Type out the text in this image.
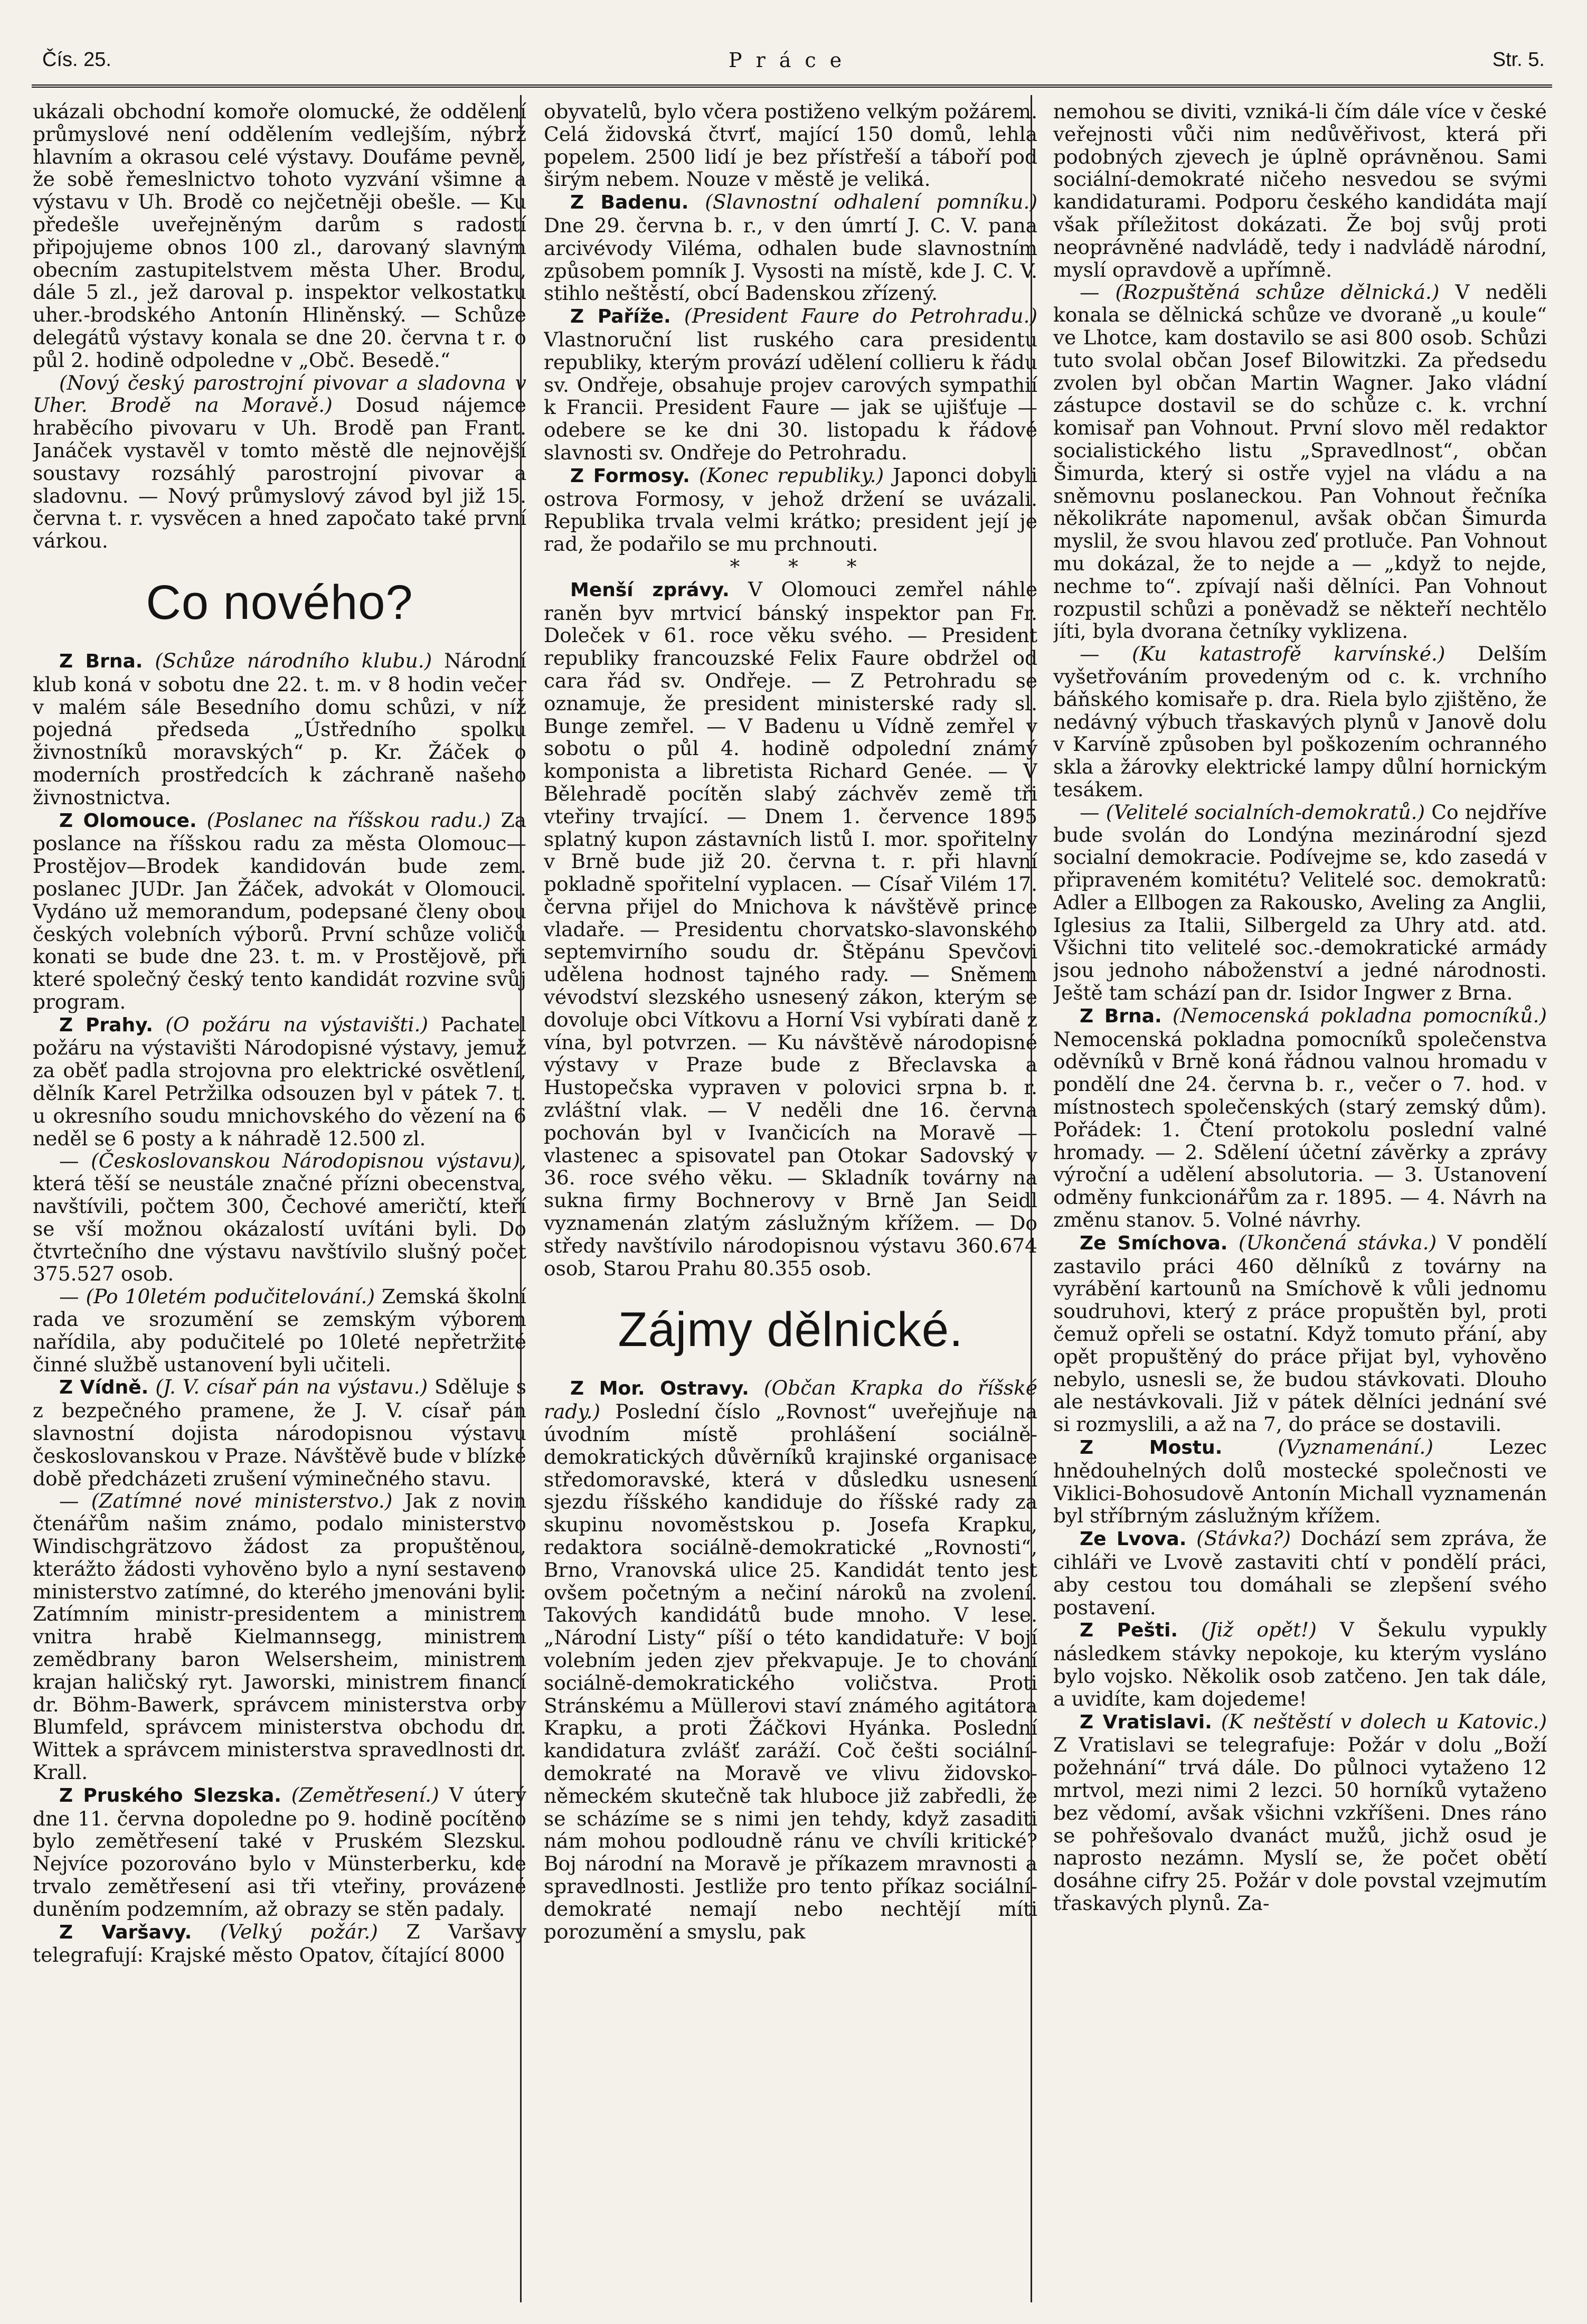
Čís. 25.	Práce	Str. 5.

ukázali obchodní komoře olomucké, že oddělení průmyslové není oddělením vedlejším, nýbrž hlavním a okrasou celé výstavy. Doufáme pevně, že sobě řemeslnictvo tohoto vyzvání všimne a výstavu v Uh. Brodě co nejčetněji obešle. — Ku předešle uveřejněným darům s radostí připojujeme obnos 100 zl., darovaný slavným obecním zastupitelstvem města Uher. Brodu, dále 5 zl., jež daroval p. inspektor velkostatku uher.-brodského Antonín Hliněnský. — Schůze delegátů výstavy konala se dne 20. června t r. o půl 2. hodině odpoledne v „Obč. Besedě.“

(Nový český parostrojní pivovar a sladovna v Uher. Brodě na Moravě.) Dosud nájemce hraběcího pivovaru v Uh. Brodě pan Frant. Janáček vystavěl v tomto městě dle nejnovější soustavy rozsáhlý parostrojní pivovar a sladovnu. — Nový průmyslový závod byl již 15. června t. r. vysvěcen a hned započato také první várkou.

Co nového?

Z Brna. (Schůze národního klubu.) Národní klub koná v sobotu dne 22. t. m. v 8 hodin večer v malém sále Besedního domu schůzi, v níž pojedná předseda „Ústředního spolku živnostníků moravských“ p. Kr. Žáček o moderních prostředcích k záchraně našeho živnostnictva.

Z Olomouce. (Poslanec na říšskou radu.) Za poslance na říšskou radu za města Olomouc—Prostějov—Brodek kandidován bude zem. poslanec JUDr. Jan Žáček, advokát v Olomouci. Vydáno už memorandum, podepsané členy obou českých volebních výborů. První schůze voličů konati se bude dne 23. t. m. v Prostějově, při které společný český tento kandidát rozvine svůj program.

Z Prahy. (O požáru na výstavišti.) Pachatel požáru na výstavišti Národopisné výstavy, jemuž za oběť padla strojovna pro elektrické osvětlení, dělník Karel Petržilka odsouzen byl v pátek 7. t. u okresního soudu mnichovského do vězení na 6 neděl se 6 posty a k náhradě 12.500 zl.

— (Českoslovanskou Národopisnou výstavu), která těší se neustále značné přízni obecenstva, navštívili, počtem 300, Čechové američtí, kteří se vší možnou okázalostí uvítáni byli. Do čtvrtečního dne výstavu navštívilo slušný počet 375.527 osob.

— (Po 10letém podučitelování.) Zemská školní rada ve srozumění se zemským výborem nařídila, aby podučitelé po 10leté nepřetržité činné službě ustanovení byli učiteli.

Z Vídně. (J. V. císař pán na výstavu.) Sděluje s z bezpečného pramene, že J. V. císař pán slavnostní dojista národopisnou výstavu českoslovanskou v Praze. Návštěvě bude v blízké době předcházeti zrušení výminečného stavu.

— (Zatímné nové ministerstvo.) Jak z novin čtenářům našim známo, podalo ministerstvo Windischgrätzovo žádost za propuštěnou, kterážto žádosti vyhověno bylo a nyní sestaveno ministerstvo zatímné, do kterého jmenováni byli: Zatímním ministr-presidentem a ministrem vnitra hrabě Kielmannsegg, ministrem zemědbrany baron Welsersheim, ministrem krajan haličský ryt. Jaworski, ministrem financí dr. Böhm-Bawerk, správcem ministerstva orby Blumfeld, správcem ministerstva obchodu dr. Wittek a správcem ministerstva spravedlnosti dr. Krall.

Z Pruského Slezska. (Zemětřesení.) V úterý dne 11. června dopoledne po 9. hodině pocítěno bylo zemětřesení také v Pruském Slezsku. Nejvíce pozorováno bylo v Münsterberku, kde trvalo zemětřesení asi tři vteřiny, provázené duněním podzemním, až obrazy se stěn padaly.

Z Varšavy. (Velký požár.) Z Varšavy telegrafují: Krajské město Opatov, čítající 8000

obyvatelů, bylo včera postiženo velkým požárem. Celá židovská čtvrť, mající 150 domů, lehla popelem. 2500 lidí je bez přístřeší a táboří pod širým nebem. Nouze v městě je veliká.

Z Badenu. (Slavnostní odhalení pomníku.) Dne 29. června b. r., v den úmrtí J. C. V. pana arcivévody Viléma, odhalen bude slavnostním způsobem pomník J. Vysosti na místě, kde J. C. V. stihlo neštěstí, obcí Badenskou zřízený.

Z Paříže. (President Faure do Petrohradu.) Vlastnoruční list ruského cara presidentu republiky, kterým provází udělení collieru k řádu sv. Ondřeje, obsahuje projev carových sympathií k Francii. President Faure — jak se ujišťuje — odebere se ke dni 30. listopadu k řádové slavnosti sv. Ondřeje do Petrohradu.

Z Formosy. (Konec republiky.) Japonci dobyli ostrova Formosy, v jehož držení se uvázali. Republika trvala velmi krátko; president její je rad, že podařilo se mu prchnouti.

* * *

Menší zprávy. V Olomouci zemřel náhle raněn byv mrtvicí bánský inspektor pan Fr. Doleček v 61. roce věku svého. — President republiky francouzské Felix Faure obdržel od cara řád sv. Ondřeje. — Z Petrohradu se oznamuje, že president ministerské rady sl. Bunge zemřel. — V Badenu u Vídně zemřel v sobotu o půl 4. hodině odpolední známý komponista a libretista Richard Genée. — V Bělehradě pocítěn slabý záchvěv země tři vteřiny trvající. — Dnem 1. července 1895 splatný kupon zástavních listů I. mor. spořitelny v Brně bude již 20. června t. r. při hlavní pokladně spořitelní vyplacen. — Císař Vilém 17. června přijel do Mnichova k návštěvě prince vladaře. — Presidentu chorvatsko-slavonského septemvirního soudu dr. Štěpánu Spevčovi udělena hodnost tajného rady. — Sněmem vévodství slezského usnesený zákon, kterým se dovoluje obci Vítkovu a Horní Vsi vybírati daně z vína, byl potvrzen. — Ku návštěvě národopisné výstavy v Praze bude z Břeclavska a Hustopečska vypraven v polovici srpna b. r. zvláštní vlak. — V neděli dne 16. června pochován byl v Ivančicích na Moravě — vlastenec a spisovatel pan Otokar Sadovský v 36. roce svého věku. — Skladník továrny na sukna firmy Bochnerovy v Brně Jan Seidl vyznamenán zlatým záslužným křížem. — Do středy navštívilo národopisnou výstavu 360.674 osob, Starou Prahu 80.355 osob.

Zájmy dělnické.

Z Mor. Ostravy. (Občan Krapka do říšské rady.) Poslední číslo „Rovnost“ uveřejňuje na úvodním místě prohlášení sociálně-demokratických důvěrníků krajinské organisace středomoravské, která v důsledku usnesení sjezdu říšského kandiduje do říšské rady za skupinu novoměstskou p. Josefa Krapku, redaktora sociálně-demokratické „Rovnosti“, Brno, Vranovská ulice 25. Kandidát tento jest ovšem početným a nečiní nároků na zvolení. Takových kandidátů bude mnoho. V lese. „Národní Listy“ píší o této kandidatuře: V bojí volebním jeden zjev překvapuje. Je to chování sociálně-demokratického voličstva. Proti Stránskému a Müllerovi staví známého agitátora Krapku, a proti Žáčkovi Hyánka. Poslední kandidatura zvlášť zaráží. Coč češti sociální-demokraté na Moravě ve vlivu židovsko-německém skutečně tak hluboce již zabředli, že se scházíme se s nimi jen tehdy, když zasaditi nám mohou podloudně ránu ve chvíli kritické? Boj národní na Moravě je příkazem mravnosti a spravedlnosti. Jestliže pro tento příkaz sociální-demokraté nemají nebo nechtějí míti porozumění a smyslu, pak

nemohou se diviti, vzniká-li čím dále více v české veřejnosti vůči nim nedůvěřivost, která při podobných zjevech je úplně oprávněnou. Sami sociální-demokraté ničeho nesvedou se svými kandidaturami. Podporu českého kandidáta mají však příležitost dokázati. Že boj svůj proti neoprávněné nadvládě, tedy i nadvládě národní, myslí opravdově a upřímně.

— (Rozpuštěná schůze dělnická.) V neděli konala se dělnická schůze ve dvoraně „u koule“ ve Lhotce, kam dostavilo se asi 800 osob. Schůzi tuto svolal občan Josef Bilowitzki. Za předsedu zvolen byl občan Martin Wagner. Jako vládní zástupce dostavil se do schůze c. k. vrchní komisař pan Vohnout. První slovo měl redaktor socialistického listu „Spravedlnost“, občan Šimurda, který si ostře vyjel na vládu a na sněmovnu poslaneckou. Pan Vohnout řečníka několikráte napomenul, avšak občan Šimurda myslil, že svou hlavou zeď protluče. Pan Vohnout mu dokázal, že to nejde a — „když to nejde, nechme to“. zpívají naši dělníci. Pan Vohnout rozpustil schůzi a poněvadž se někteří nechtělo jíti, byla dvorana četníky vyklizena.

— (Ku katastrofě karvínské.) Delším vyšetřováním provedeným od c. k. vrchního báňského komisaře p. dra. Riela bylo zjištěno, že nedávný výbuch třaskavých plynů v Janově dolu v Karvíně způsoben byl poškozením ochranného skla a žárovky elektrické lampy důlní hornickým tesákem.

— (Velitelé socialních-demokratů.) Co nejdříve bude svolán do Londýna mezinárodní sjezd socialní demokracie. Podívejme se, kdo zasedá v připraveném komitétu? Velitelé soc. demokratů: Adler a Ellbogen za Rakousko, Aveling za Anglii, Iglesius za Italii, Silbergeld za Uhry atd. atd. Všichni tito velitelé soc.-demokratické armády jsou jednoho náboženství a jedné národnosti. Ještě tam schází pan dr. Isidor Ingwer z Brna.

Z Brna. (Nemocenská pokladna pomocníků.) Nemocenská pokladna pomocníků společenstva oděvníků v Brně koná řádnou valnou hromadu v pondělí dne 24. června b. r., večer o 7. hod. v místnostech společenských (starý zemský dům). Pořádek: 1. Čtení protokolu poslední valné hromady. — 2. Sdělení účetní závěrky a zprávy výroční a udělení absolutoria. — 3. Ustanovení odměny funkcionářům za r. 1895. — 4. Návrh na změnu stanov. 5. Volné návrhy.

Ze Smíchova. (Ukončená stávka.) V pondělí zastavilo práci 460 dělníků z továrny na vyrábění kartounů na Smíchově k vůli jednomu soudruhovi, který z práce propuštěn byl, proti čemuž opřeli se ostatní. Když tomuto přání, aby opět propuštěný do práce přijat byl, vyhověno nebylo, usnesli se, že budou stávkovati. Dlouho ale nestávkovali. Již v pátek dělníci jednání své si rozmyslili, a až na 7, do práce se dostavili.

Z Mostu.	(Vyznamenání.)	Lezec hnědouhelných dolů mostecké společnosti ve Viklici-Bohosudově Antonín Michall vyznamenán byl stříbrným záslužným křížem.

Ze Lvova. (Stávka?) Dochází sem zpráva, že cihláři ve Lvově zastaviti chtí v pondělí práci, aby cestou tou domáhali se zlepšení svého postavení.

Z Pešti. (Již opět!) V Šekulu vypukly následkem stávky nepokoje, ku kterým vysláno bylo vojsko. Několik osob zatčeno. Jen tak dále, a uvidíte, kam dojedeme!

Z Vratislavi. (K neštěstí v dolech u Katovic.) Z Vratislavi se telegrafuje: Požár v dolu „Boží požehnání“ trvá dále. Do půlnoci vytaženo 12 mrtvol, mezi nimi 2 lezci. 50 horníků vytaženo bez vědomí, avšak všichni vzkříšeni. Dnes ráno se pohřešovalo dvanáct mužů, jichž osud je naprosto nezámn. Myslí se, že počet obětí dosáhne cifry 25. Požár v dole povstal vzejmutím třaskavých plynů. Za-
